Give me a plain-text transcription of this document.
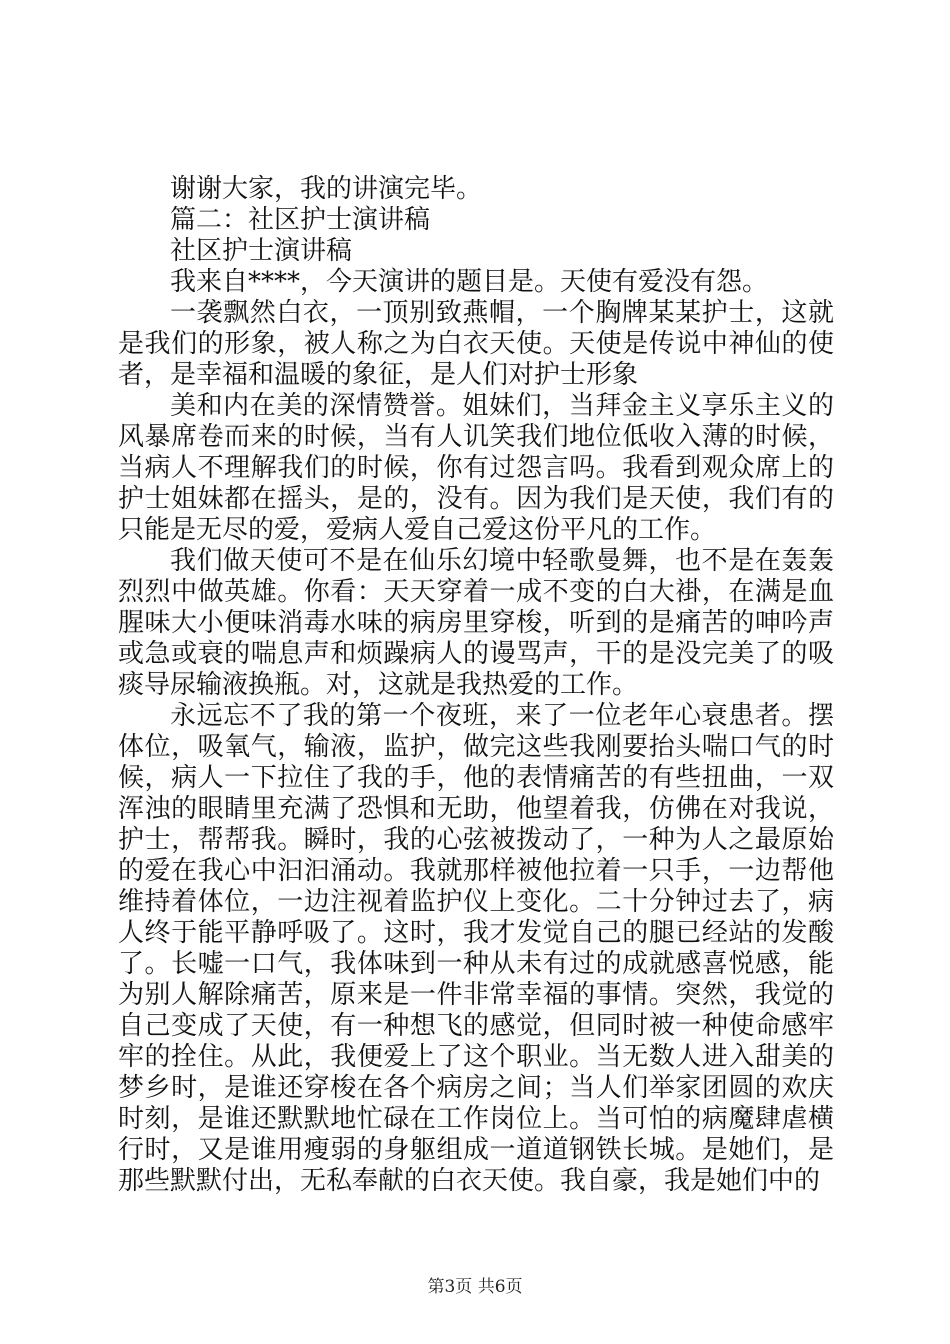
谢谢大家，我的讲演完毕。

篇二：社区护士演讲稿

社区护士演讲稿

我来自****，今天演讲的题目是。天使有爱没有怨。

一袭飘然白衣，一顶别致燕帽，一个胸牌某某护士，这就是我们的形象，被人称之为白衣天使。天使是传说中神仙的使者，是幸福和温暖的象征，是人们对护士形象

美和内在美的深情赞誉。姐妹们，当拜金主义享乐主义的风暴席卷而来的时候，当有人讥笑我们地位低收入薄的时候，当病人不理解我们的时候，你有过怨言吗。我看到观众席上的护士姐妹都在摇头，是的，没有。因为我们是天使，我们有的只能是无尽的爱，爱病人爱自己爱这份平凡的工作。

我们做天使可不是在仙乐幻境中轻歌曼舞，也不是在轰轰烈烈中做英雄。你看：天天穿着一成不变的白大褂，在满是血腥味大小便味消毒水味的病房里穿梭，听到的是痛苦的呻吟声或急或衰的喘息声和烦躁病人的谩骂声，干的是没完美了的吸痰导尿输液换瓶。对，这就是我热爱的工作。

永远忘不了我的第一个夜班，来了一位老年心衰患者。摆体位，吸氧气，输液，监护，做完这些我刚要抬头喘口气的时候，病人一下拉住了我的手，他的表情痛苦的有些扭曲，一双浑浊的眼睛里充满了恐惧和无助，他望着我，仿佛在对我说，护士，帮帮我。瞬时，我的心弦被拨动了，一种为人之最原始的爱在我心中汩汩涌动。我就那样被他拉着一只手，一边帮他维持着体位，一边注视着监护仪上变化。二十分钟过去了，病人终于能平静呼吸了。这时，我才发觉自己的腿已经站的发酸了。长嘘一口气，我体味到一种从未有过的成就感喜悦感，能为别人解除痛苦，原来是一件非常幸福的事情。突然，我觉的自己变成了天使，有一种想飞的感觉，但同时被一种使命感牢牢的拴住。从此，我便爱上了这个职业。当无数人进入甜美的梦乡时，是谁还穿梭在各个病房之间；当人们举家团圆的欢庆时刻，是谁还默默地忙碌在工作岗位上。当可怕的病魔肆虐横行时，又是谁用瘦弱的身躯组成一道道钢铁长城。是她们，是那些默默付出，无私奉献的白衣天使。我自豪，我是她们中的

第3页 共6页
